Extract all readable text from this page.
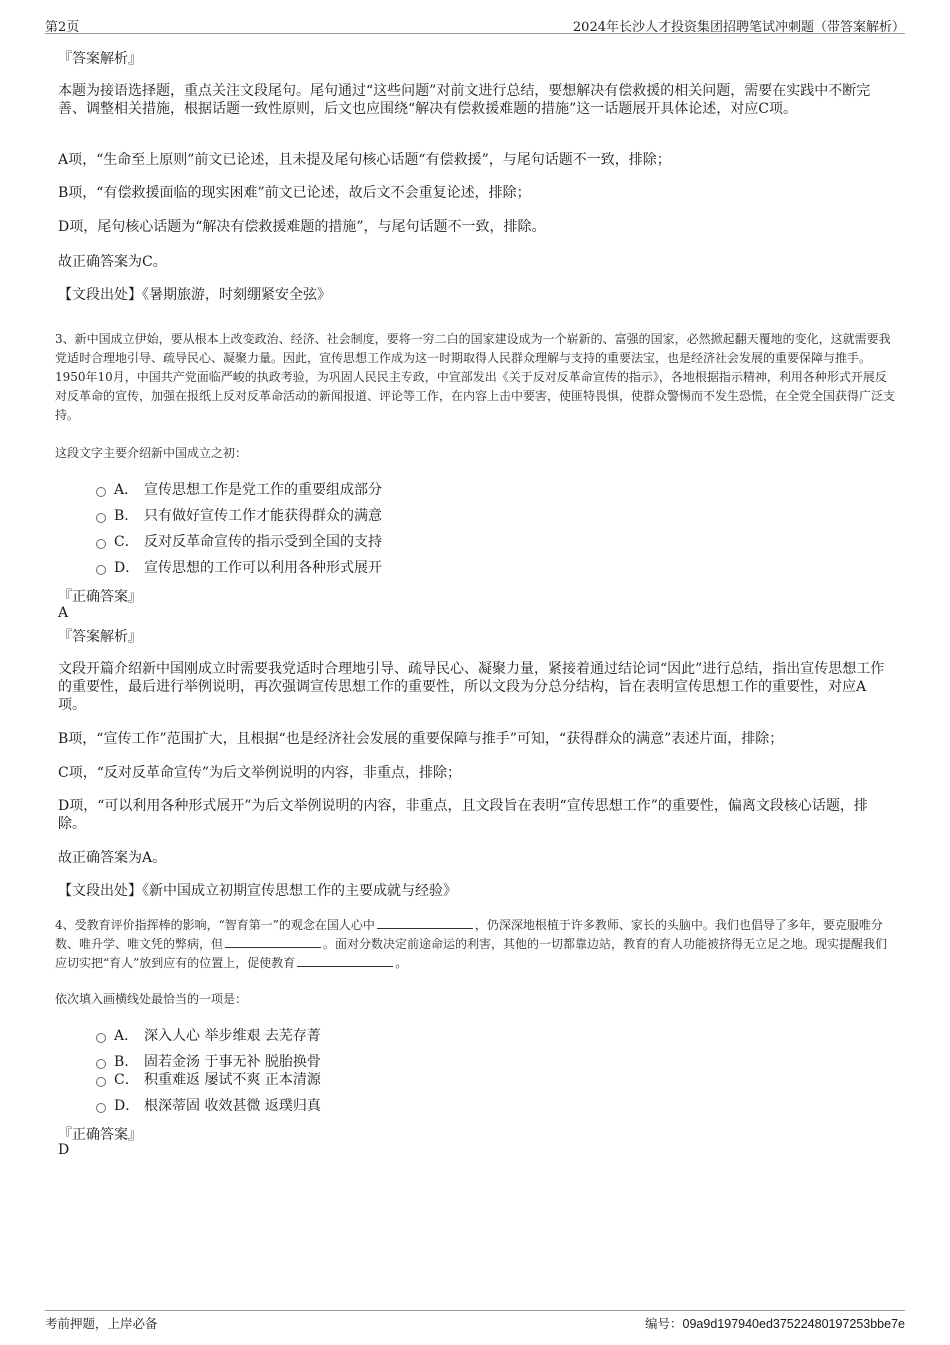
第2页	2024年长沙人才投资集团招聘笔试冲刺题（带答案解析）
『答案解析』
本题为接语选择题，重点关注文段尾句。尾句通过“这些问题”对前文进行总结，要想解决有偿救援的相关问题，需要在实践中不断完善、调整相关措施，根据话题一致性原则，后文也应围绕“解决有偿救援难题的措施”这一话题展开具体论述，对应C项。
A项，“生命至上原则”前文已论述，且未提及尾句核心话题“有偿救援”，与尾句话题不一致，排除；
B项，“有偿救援面临的现实困难”前文已论述，故后文不会重复论述，排除；
D项，尾句核心话题为“解决有偿救援难题的措施”，与尾句话题不一致，排除。
故正确答案为C。
【文段出处】《暑期旅游，时刻绷紧安全弦》
3、新中国成立伊始，要从根本上改变政治、经济、社会制度，要将一穷二白的国家建设成为一个崭新的、富强的国家，必然掀起翻天覆地的变化，这就需要我党适时合理地引导、疏导民心、凝聚力量。因此，宣传思想工作成为这一时期取得人民群众理解与支持的重要法宝，也是经济社会发展的重要保障与推手。1950年10月，中国共产党面临严峻的执政考验，为巩固人民民主专政，中宣部发出《关于反对反革命宣传的指示》，各地根据指示精神，利用各种形式开展反对反革命的宣传，加强在报纸上反对反革命活动的新闻报道、评论等工作，在内容上击中要害，使匪特畏惧，使群众警惕而不发生恐慌，在全党全国获得广泛支持。
这段文字主要介绍新中国成立之初：
A． 宣传思想工作是党工作的重要组成部分
B.	只有做好宣传工作才能获得群众的满意
C． 反对反革命宣传的指示受到全国的支持
D． 宣传思想的工作可以利用各种形式展开
『正确答案』
A
『答案解析』
文段开篇介绍新中国刚成立时需要我党适时合理地引导、疏导民心、凝聚力量，紧接着通过结论词“因此”进行总结，指出宣传思想工作的重要性，最后进行举例说明，再次强调宣传思想工作的重要性，所以文段为分总分结构，旨在表明宣传思想工作的重要性，对应A项。
B项，“宣传工作”范围扩大，且根据“也是经济社会发展的重要保障与推手”可知，“获得群众的满意”表述片面，排除；
C项，“反对反革命宣传”为后文举例说明的内容，非重点，排除；
D项，“可以利用各种形式展开”为后文举例说明的内容，非重点，且文段旨在表明“宣传思想工作”的重要性，偏离文段核心话题，排除。
故正确答案为A。
【文段出处】《新中国成立初期宣传思想工作的主要成就与经验》
4、受教育评价指挥棒的影响，“智育第一”的观念在国人心中	，仍深深地根植于许多教师、家长的头脑中。我们也倡导了多年，要克服唯分数、唯升学、唯文凭的弊病，但	。面对分数决定前途命运的利害，其他的一切都靠边站，教育的育人功能被挤得无立足之地。现实提醒我们应切实把“育人”放到应有的位置上，促使教育	。
依次填入画横线处最恰当的一项是：
A． 深入人心 举步维艰 去芜存菁
B.	固若金汤 于事无补 脱胎换骨
C． 积重难返 屡试不爽 正本清源
D． 根深蒂固 收效甚微 返璞归真
『正确答案』
D
考前押题，上岸必备	编号：09a9d197940ed37522480197253bbe7e
